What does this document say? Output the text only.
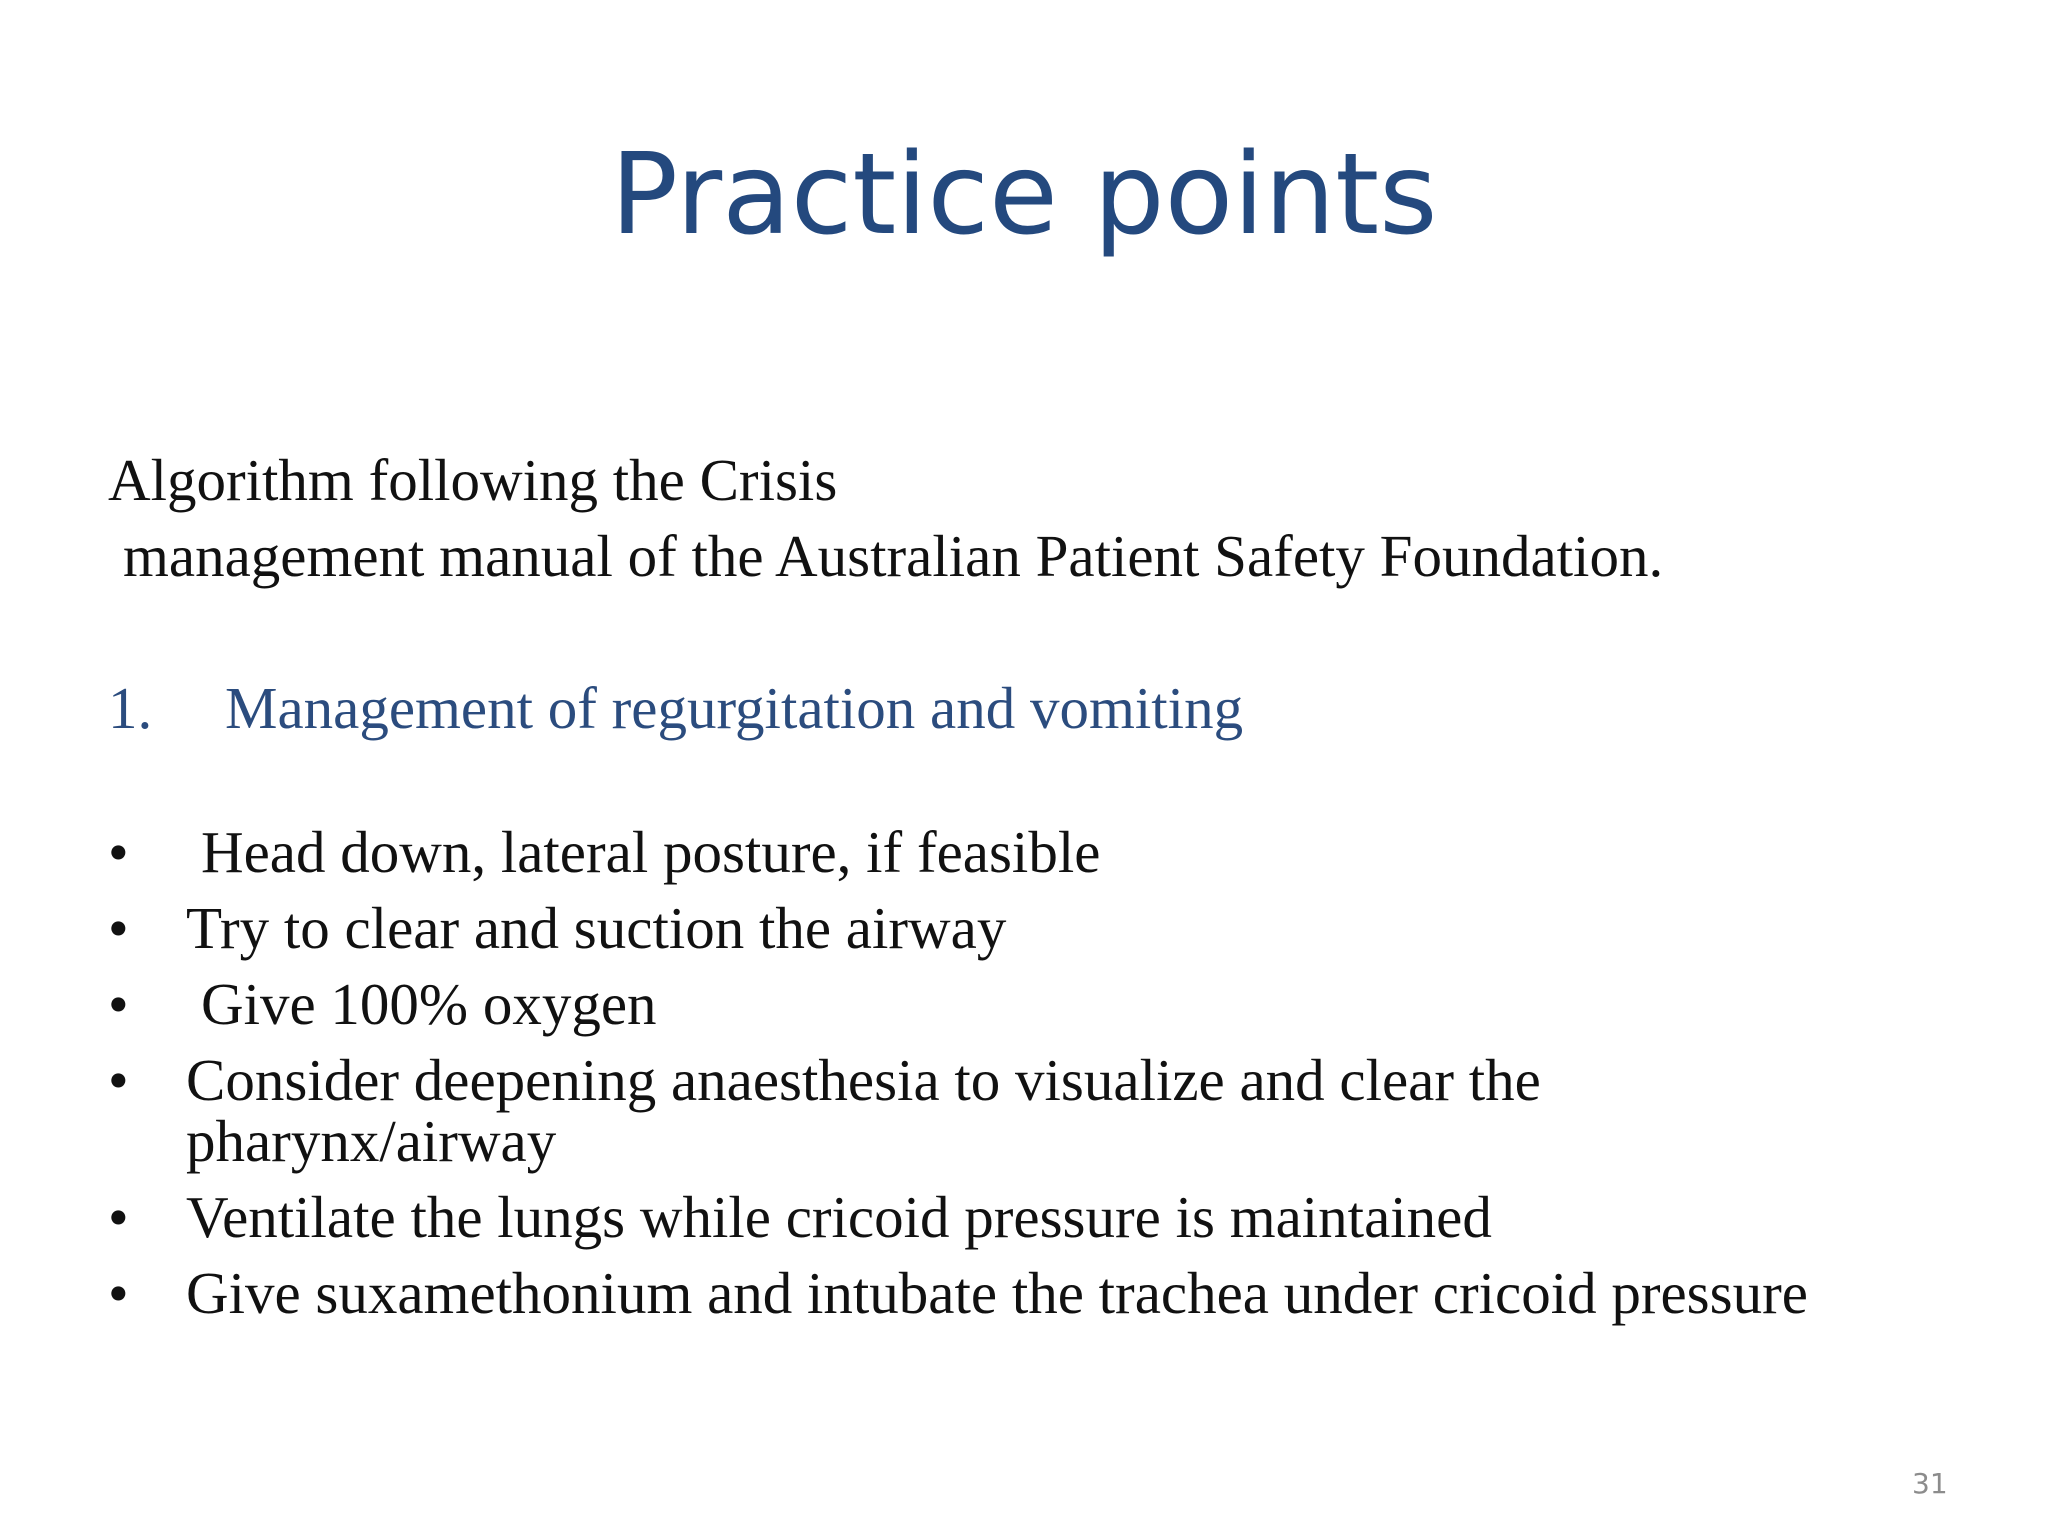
Practice points
Algorithm following the Crisis
management manual of the Australian Patient Safety Foundation.
1. Management of regurgitation and vomiting
•	Head down, lateral posture, if feasible
• Try to clear and suction the airway
•	Give 100% oxygen
• Consider deepening anaesthesia to visualize and clear the pharynx/airway
• Ventilate the lungs while cricoid pressure is maintained
• Give suxamethonium and intubate the trachea under cricoid pressure
31
